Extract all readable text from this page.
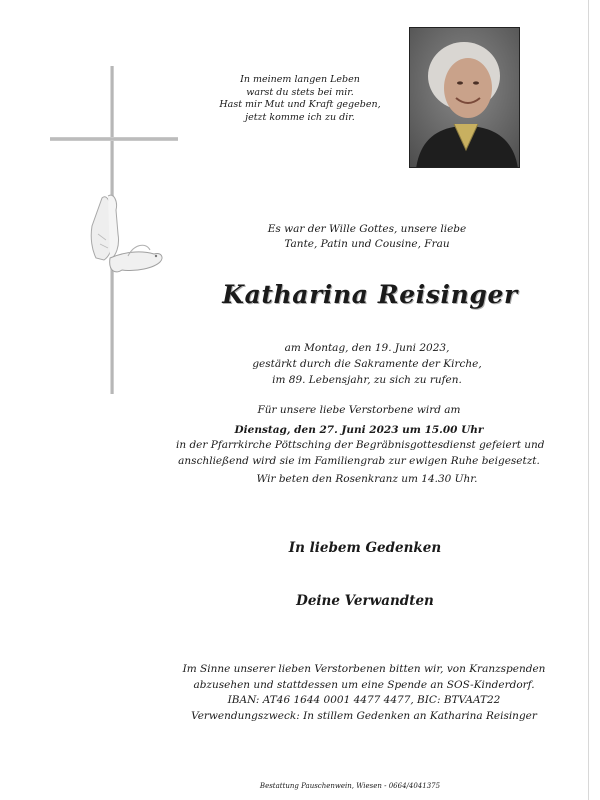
In meinem langen Leben
warst du stets bei mir.
Hast mir Mut und Kraft gegeben,
jetzt komme ich zu dir.
Es war der Wille Gottes, unsere liebe
Tante, Patin und Cousine, Frau
Katharina Reisinger
am Montag, den 19. Juni 2023,
gestärkt durch die Sakramente der Kirche,
im 89. Lebensjahr, zu sich zu rufen.
Für unsere liebe Verstorbene wird am
Dienstag, den 27. Juni 2023 um 15.00 Uhr
in der Pfarrkirche Pöttsching der Begräbnisgottesdienst gefeiert und
anschließend wird sie im Familiengrab zur ewigen Ruhe beigesetzt.
Wir beten den Rosenkranz um 14.30 Uhr.
In liebem Gedenken
Deine Verwandten
Im Sinne unserer lieben Verstorbenen bitten wir, von Kranzspenden
abzusehen und stattdessen um eine Spende an SOS-Kinderdorf.
IBAN: AT46 1644 0001 4477 4477, BIC: BTVAAT22
Verwendungszweck: In stillem Gedenken an Katharina Reisinger
Bestattung Pauschenwein, Wiesen - 0664/4041375
